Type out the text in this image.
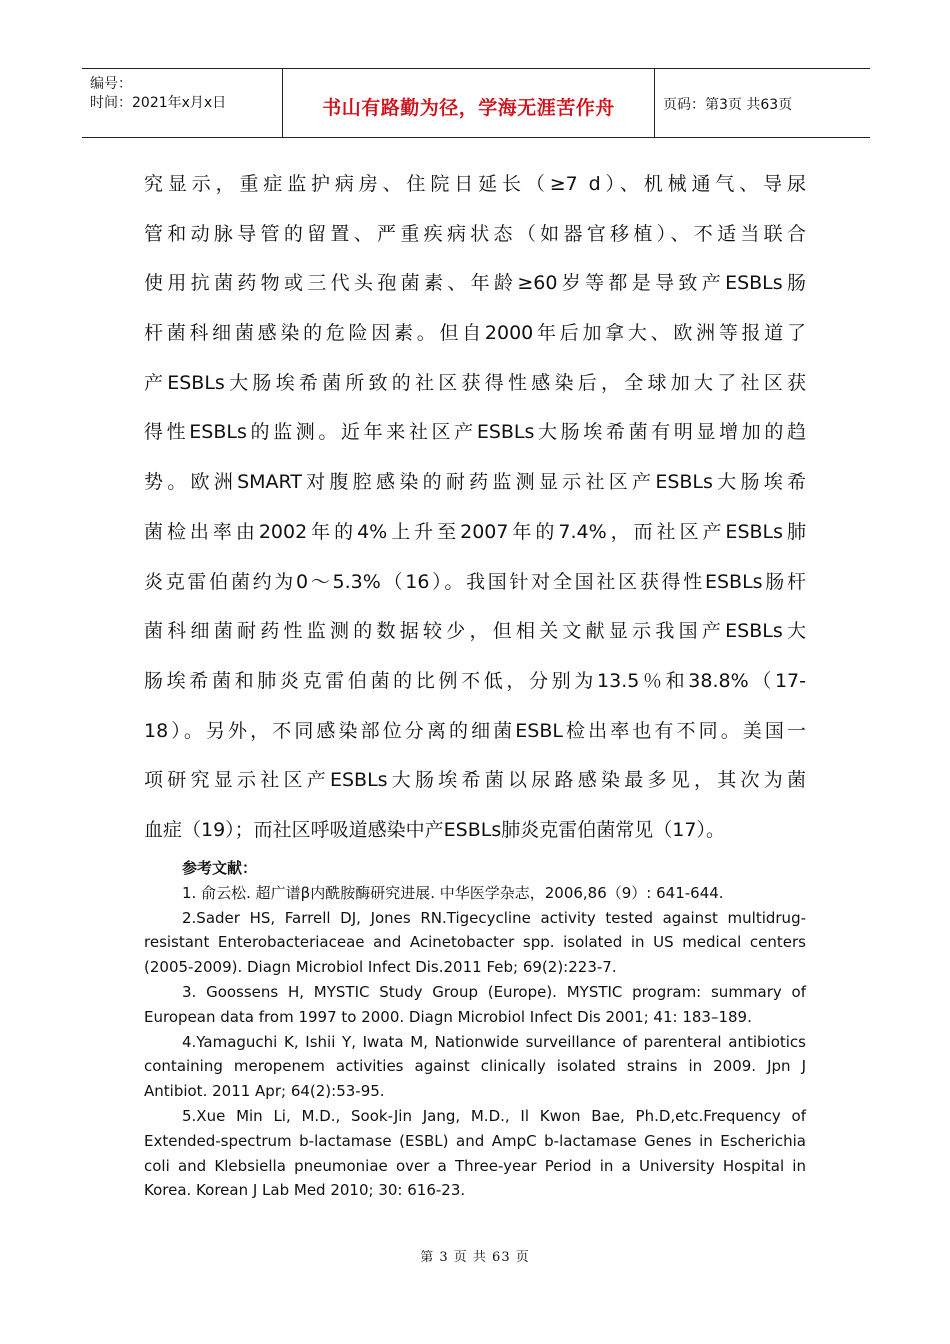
编号：
时间：2021年x月x日	书山有路勤为径，学海无涯苦作舟	页码：第3页 共63页
究显示，重症监护病房、住院日延长（≥7 d）、机械通气、导尿
管和动脉导管的留置、严重疾病状态（如器官移植）、不适当联合
使用抗菌药物或三代头孢菌素、年龄≥60岁等都是导致产ESBLs肠
杆菌科细菌感染的危险因素。但自2000年后加拿大、欧洲等报道了
产ESBLs大肠埃希菌所致的社区获得性感染后，全球加大了社区获
得性ESBLs的监测。近年来社区产ESBLs大肠埃希菌有明显增加的趋
势。欧洲SMART对腹腔感染的耐药监测显示社区产ESBLs大肠埃希
菌检出率由2002年的4%上升至2007年的7.4%，而社区产ESBLs肺
炎克雷伯菌约为0～5.3%（16）。我国针对全国社区获得性ESBLs肠杆
菌科细菌耐药性监测的数据较少，但相关文献显示我国产ESBLs大
肠埃希菌和肺炎克雷伯菌的比例不低，分别为13.5％和38.8%（17-
18）。另外，不同感染部位分离的细菌ESBL检出率也有不同。美国一
项研究显示社区产ESBLs大肠埃希菌以尿路感染最多见，其次为菌
血症（19）；而社区呼吸道感染中产ESBLs肺炎克雷伯菌常见（17）。
参考文献：

1. 俞云松. 超广谱β内酰胺酶研究进展. 中华医学杂志，2006,86（9）: 641-644.

2.Sader HS, Farrell DJ, Jones RN.Tigecycline activity tested against multidrug-resistant Enterobacteriaceae and Acinetobacter spp. isolated in US medical centers (2005-2009). Diagn Microbiol Infect Dis.2011 Feb; 69(2):223-7.

3. Goossens H, MYSTIC Study Group (Europe). MYSTIC program: summary of European data from 1997 to 2000. Diagn Microbiol Infect Dis 2001; 41: 183–189.

4.Yamaguchi K, Ishii Y, Iwata M, Nationwide surveillance of parenteral antibiotics containing meropenem activities against clinically isolated strains in 2009. Jpn J Antibiot. 2011 Apr; 64(2):53-95.

5.Xue Min Li, M.D., Sook-Jin Jang, M.D., Il Kwon Bae, Ph.D,etc.Frequency of Extended-spectrum b-lactamase (ESBL) and AmpC b-lactamase Genes in Escherichia coli and Klebsiella pneumoniae over a Three-year Period in a University Hospital in Korea. Korean J Lab Med 2010; 30: 616-23.

第 3 页 共 63 页
